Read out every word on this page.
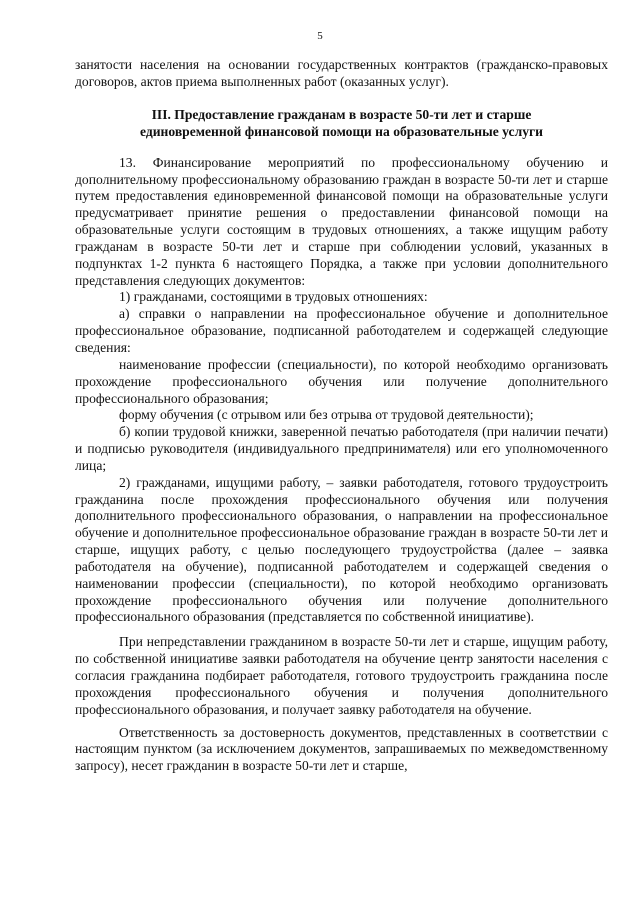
5

занятости населения на основании государственных контрактов (гражданско-правовых договоров, актов приема выполненных работ (оказанных услуг).

III. Предоставление гражданам в возрасте 50-ти лет и старше
единовременной финансовой помощи на образовательные услуги

13. Финансирование мероприятий по профессиональному обучению и дополнительному профессиональному образованию граждан в возрасте 50-ти лет и старше путем предоставления единовременной финансовой помощи на образовательные услуги предусматривает принятие решения о предоставлении финансовой помощи на образовательные услуги состоящим в трудовых отношениях, а также ищущим работу гражданам в возрасте 50-ти лет и старше при соблюдении условий, указанных в подпунктах 1-2 пункта 6 настоящего Порядка, а также при условии дополнительного представления следующих документов:

1) гражданами, состоящими в трудовых отношениях:

а) справки о направлении на профессиональное обучение и дополнительное профессиональное образование, подписанной работодателем и содержащей следующие сведения:

наименование профессии (специальности), по которой необходимо организовать прохождение профессионального обучения или получение дополнительного профессионального образования;

форму обучения (с отрывом или без отрыва от трудовой деятельности);

б) копии трудовой книжки, заверенной печатью работодателя (при наличии печати) и подписью руководителя (индивидуального предпринимателя) или его уполномоченного лица;

2) гражданами, ищущими работу, – заявки работодателя, готового трудоустроить гражданина после прохождения профессионального обучения или получения дополнительного профессионального образования, о направлении на профессиональное обучение и дополнительное профессиональное образование граждан в возрасте 50-ти лет и старше, ищущих работу, с целью последующего трудоустройства (далее – заявка работодателя на обучение), подписанной работодателем и содержащей сведения о наименовании профессии (специальности), по которой необходимо организовать прохождение профессионального обучения или получение дополнительного профессионального образования (представляется по собственной инициативе).

При непредставлении гражданином в возрасте 50-ти лет и старше, ищущим работу, по собственной инициативе заявки работодателя на обучение центр занятости населения с согласия гражданина подбирает работодателя, готового трудоустроить гражданина после прохождения профессионального обучения и получения дополнительного профессионального образования, и получает заявку работодателя на обучение.

Ответственность за достоверность документов, представленных в соответствии с настоящим пунктом (за исключением документов, запрашиваемых по межведомственному запросу), несет гражданин в возрасте 50-ти лет и старше,
